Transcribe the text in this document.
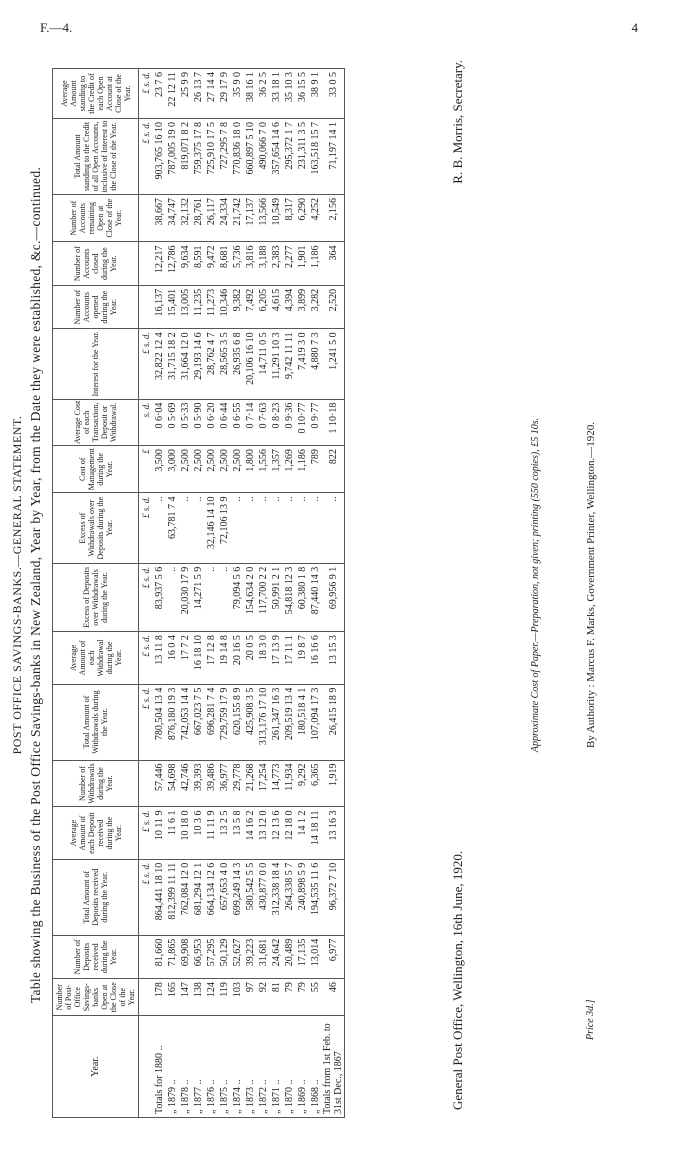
F.—4.	4
POST OFFICE SAVINGS-BANKS.—GENERAL STATEMENT. Table showing the Business of the Post Office Savings-banks in New Zealand, Year by Year, from the Date they were established, &c.—continued.
Year.	Number of Post-Office Savings-banks Open at the Close of the Year.	Number of Deposits received during the Year.	Total Amount of Deposits received during the Year.	Average Amount of each Deposit received during the Year.	Number of Withdrawals during the Year.	Total Amount of Withdrawals during the Year.	Average Amount of each Withdrawal during the Year.	Excess of Deposits over Withdrawals during the Year.	Excess of Withdrawals over Deposits during the Year.	Cost of Management during the Year.	Average Cost of each Transaction, Deposit or Withdrawal.	Interest for the Year.	Number of Accounts opened during the Year.	Number of Accounts closed during the Year.	Number of Accounts remaining Open at Close of the Year.	Total Amount standing to the Credit of all Open Accounts, inclusive of Interest to the Close of the Year.	Average Amount standing to the Credit of each Open Account at Close of the Year.
			£ s. d.	£ s. d.		£ s. d.	£ s. d.	£ s. d.	£ s. d.	£	s. d.	£ s. d.				£ s. d.	£ s. d.
Totals for 1880 ..	178	81,660	864,441 18 10	10 11 9	57,446	780,504 13 4	13 11 8	83,937 5 6	..	3,500	0 6·04	32,822 12 4	16,137	12,217	38,667	903,765 16 10	23 7 6
„ 1879 ..	165	71,865	812,399 11 11	11 6 1	54,698	876,180 19 3	16 0 4	..	63,781 7 4	3,000	0 5·69	31,715 18 2	15,401	12,786	34,747	787,005 19 0	22 12 11
„ 1878 ..	147	69,908	762,084 12 0	10 18 0	42,746	742,053 14 4	17 7 2	20,030 17 9	..	2,500	0 5·33	31,664 12 0	13,005	9,634	32,132	819,071 8 2	25 9 9
„ 1877 ..	138	66,953	681,294 12 1	10 3 6	39,393	667,023 7 5	16 18 10	14,271 5 9	..	2,500	0 5·90	29,193 14 6	11,235	8,591	28,761	759,375 17 8	26 13 7
„ 1876 ..	124	57,295	664,134 12 6	11 11 9	39,486	696,281 7 4	17 12 8	..	32,146 14 10	2,500	0 6·20	28,762 4 7	11,273	9,472	26,117	725,910 17 5	27 14 4
„ 1875 ..	119	50,129	657,653 4 0	13 2 5	36,977	729,759 17 9	19 14 8	..	72,106 13 9	2,500	0 6·44	28,565 3 5	10,346	8,681	24,334	727,295 7 8	29 17 9
„ 1874 ..	103	52,627	699,249 14 3	13 5 8	29,778	620,155 8 9	20 16 5	79,094 5 6	..	2,500	0 6·55	26,935 6 8	9,382	5,736	21,742	770,836 18 0	35 9 0
„ 1873 ..	97	39,223	580,542 5 5	14 16 2	21,268	425,908 3 5	20 0 5	154,634 2 0	..	1,800	0 7·14	20,106 16 10	7,492	3,816	17,137	660,897 5 10	38 16 1
„ 1872 ..	92	31,681	430,877 0 0	13 12 0	17,254	313,176 17 10	18 3 0	117,700 2 2	..	1,556	0 7·63	14,711 0 5	6,205	3,188	13,566	490,066 7 0	36 2 5
„ 1871 ..	81	24,642	312,338 18 4	12 13 6	14,773	261,347 16 3	17 13 9	50,991 2 1	..	1,357	0 8·23	11,291 10 3	4,615	2,383	10,549	357,654 14 6	33 18 1
„ 1870 ..	79	20,489	264,338 5 7	12 18 0	11,934	209,519 13 4	17 11 1	54,818 12 3	..	1,269	0 9·36	9,742 11 11	4,394	2,277	8,317	295,372 1 7	35 10 3
„ 1869 ..	79	17,135	240,898 5 9	14 1 2	9,292	180,518 4 1	19 8 7	60,380 1 8	..	1,186	0 10·77	7,419 3 0	3,899	1,901	6,290	231,311 3 5	36 15 5
„ 1868 ..	55	13,014	194,535 11 6	14 18 11	6,365	107,094 17 3	16 16 6	87,440 14 3	..	789	0 9·77	4,880 7 3	3,282	1,186	4,252	163,518 15 7	38 9 1
Totals from 1st Feb. to 31st Dec., 1867	46	6,977	96,372 7 10	13 16 3	1,919	26,415 18 9	13 15 3	69,956 9 1	..	822	1 10·18	1,241 5 0	2,520	364	2,156	71,197 14 1	33 0 5
General Post Office, Wellington, 16th June, 1920.
R. B. Morris, Secretary.
Approximate Cost of Paper.—Preparation, not given; printing (550 copies), £5 10s.
Price 3d.]
By Authority : Marcus F. Marks, Government Printer, Wellington.—1920.
